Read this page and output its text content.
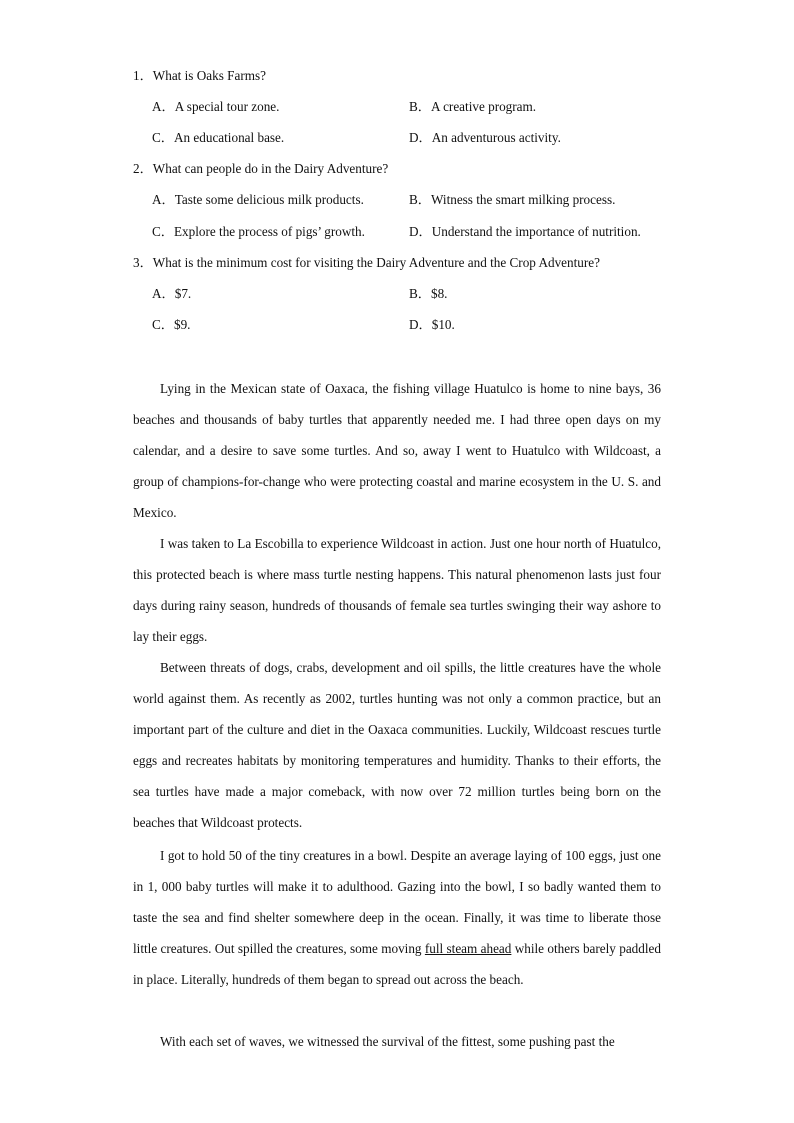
1．What is Oaks Farms?
A．A special tour zone.	B．A creative program.
C．An educational base.	D．An adventurous activity.
2．What can people do in the Dairy Adventure?
A．Taste some delicious milk products.	B．Witness the smart milking process.
C．Explore the process of pigs’ growth.	D．Understand the importance of nutrition.
3．What is the minimum cost for visiting the Dairy Adventure and the Crop Adventure?
A．$7.	B．$8.
C．$9.	D．$10.

Lying in the Mexican state of Oaxaca, the fishing village Huatulco is home to nine bays, 36 beaches and thousands of baby turtles that apparently needed me. I had three open days on my calendar, and a desire to save some turtles. And so, away I went to Huatulco with Wildcoast, a group of champions-for-change who were protecting coastal and marine ecosystem in the U. S. and Mexico.

I was taken to La Escobilla to experience Wildcoast in action. Just one hour north of Huatulco, this protected beach is where mass turtle nesting happens. This natural phenomenon lasts just four days during rainy season, hundreds of thousands of female sea turtles swinging their way ashore to lay their eggs.

Between threats of dogs, crabs, development and oil spills, the little creatures have the whole world against them. As recently as 2002, turtles hunting was not only a common practice, but an important part of the culture and diet in the Oaxaca communities. Luckily, Wildcoast rescues turtle eggs and recreates habitats by monitoring temperatures and humidity. Thanks to their efforts, the sea turtles have made a major comeback, with now over 72 million turtles being born on the beaches that Wildcoast protects.

I got to hold 50 of the tiny creatures in a bowl. Despite an average laying of 100 eggs, just one in 1, 000 baby turtles will make it to adulthood. Gazing into the bowl, I so badly wanted them to taste the sea and find shelter somewhere deep in the ocean. Finally, it was time to liberate those little creatures. Out spilled the creatures, some moving full steam ahead while others barely paddled in place. Literally, hundreds of them began to spread out across the beach.

With each set of waves, we witnessed the survival of the fittest, some pushing past the
